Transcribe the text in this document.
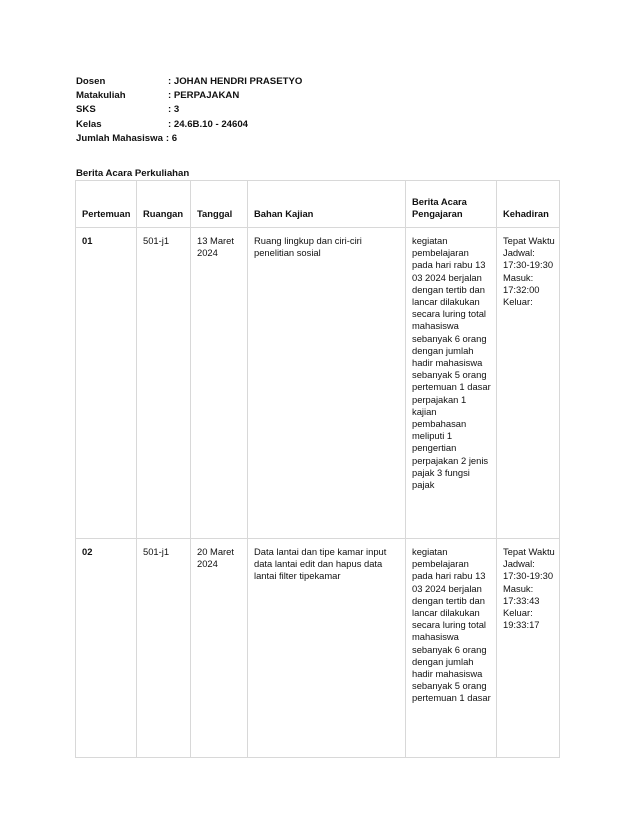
Dosen	: JOHAN HENDRI PRASETYO
Matakuliah	: PERPAJAKAN
SKS	: 3
Kelas	: 24.6B.10 - 24604
Jumlah Mahasiswa : 6
Berita Acara Perkuliahan
Pertemuan	Ruangan	Tanggal	Bahan Kajian	Berita Acara Pengajaran	Kehadiran
01	501-j1	13 Maret 2024	Ruang lingkup dan ciri-ciri penelitian sosial	kegiatan pembelajaran pada hari rabu 13 03 2024 berjalan dengan tertib dan lancar dilakukan secara luring total mahasiswa sebanyak 6 orang dengan jumlah hadir mahasiswa sebanyak 5 orang pertemuan 1 dasar perpajakan 1 kajian pembahasan meliputi 1 pengertian perpajakan 2 jenis pajak 3 fungsi pajak	Tepat Waktu Jadwal: 17:30-19:30 Masuk: 17:32:00 Keluar:
02	501-j1	20 Maret 2024	Data lantai dan tipe kamar input data lantai edit dan hapus data lantai filter tipekamar	kegiatan pembelajaran pada hari rabu 13 03 2024 berjalan dengan tertib dan lancar dilakukan secara luring total mahasiswa sebanyak 6 orang dengan jumlah hadir mahasiswa sebanyak 5 orang pertemuan 1 dasar	Tepat Waktu Jadwal: 17:30-19:30 Masuk: 17:33:43 Keluar: 19:33:17
